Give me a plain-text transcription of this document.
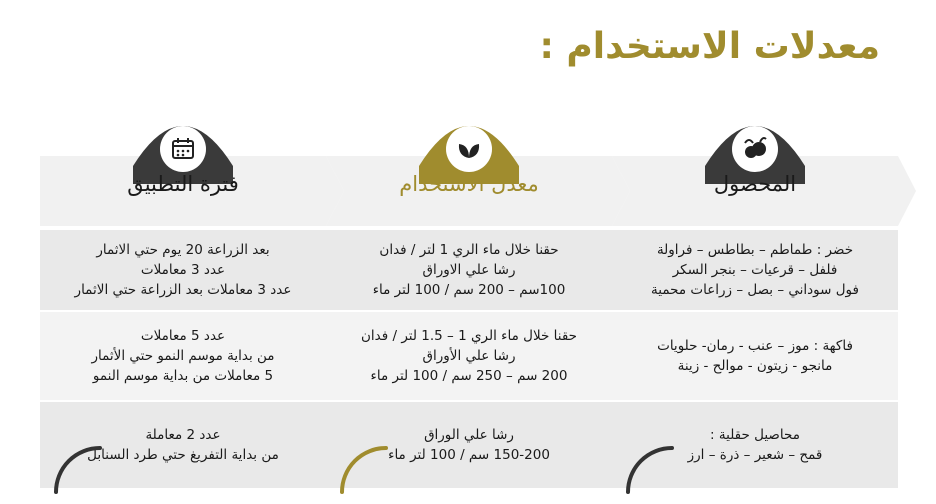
معدلات الاستخدام :
المحصول
خضر : طماطم – بطاطس – فراولة
فلفل – قرعيات – بنجر السكر
فول سوداني – بصل – زراعات محمية
فاكهة : موز – عنب - رمان- حلويات
مانجو - زيتون - موالح - زينة
محاصيل حقلية :
قمح – شعير – ذرة – ارز
معدل الاستخدام
حقنا خلال ماء الري 1 لتر / فدان
رشا علي الاوراق
100سم – 200 سم / 100 لتر ماء
حقنا خلال ماء الري 1 – 1.5 لتر / فدان
رشا علي الأوراق
200 سم – 250 سم / 100 لتر ماء
رشا علي الوراق
150-200 سم / 100 لتر ماء
فترة التطبيق
بعد الزراعة 20 يوم حتي الاثمار
عدد 3 معاملات
عدد 3 معاملات بعد الزراعة حتي الاثمار
عدد 5 معاملات
من بداية موسم النمو حتي الأثمار
5 معاملات من بداية موسم النمو
عدد 2 معاملة
من بداية التفريغ حتي طرد السنابل
